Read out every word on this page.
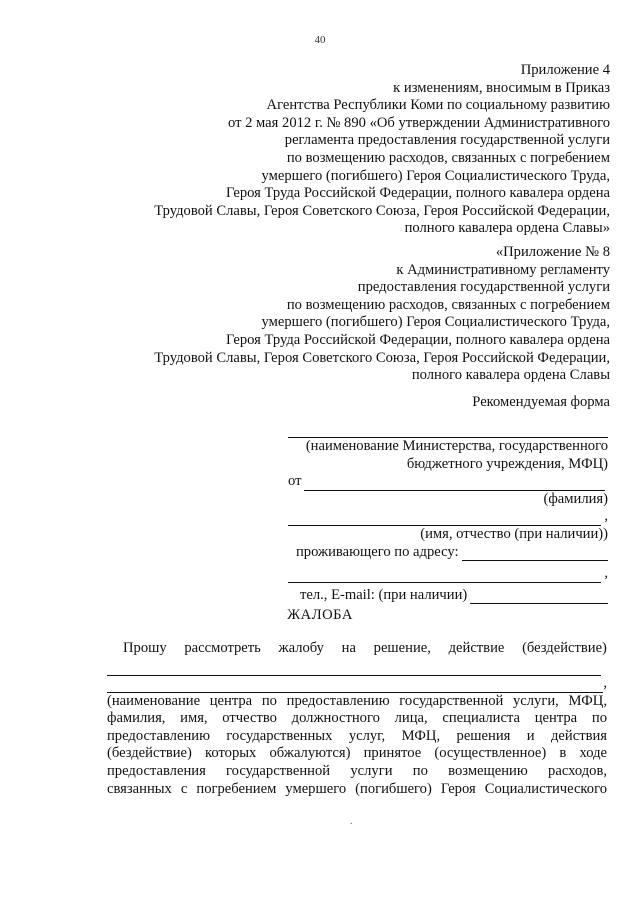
40
Приложение 4
к изменениям, вносимым в Приказ
Агентства Республики Коми по социальному развитию
от 2 мая 2012 г. № 890 «Об утверждении Административного
регламента предоставления государственной услуги
по возмещению расходов, связанных с погребением
умершего (погибшего) Героя Социалистического Труда,
Героя Труда Российской Федерации, полного кавалера ордена
Трудовой Славы, Героя Советского Союза, Героя Российской Федерации,
полного кавалера ордена Славы»
«Приложение № 8
к Административному регламенту
предоставления государственной услуги
по возмещению расходов, связанных с погребением
умершего (погибшего) Героя Социалистического Труда,
Героя Труда Российской Федерации, полного кавалера ордена
Трудовой Славы, Героя Советского Союза, Героя Российской Федерации,
полного кавалера ордена Славы
Рекомендуемая форма
(наименование Министерства, государственного
бюджетного учреждения, МФЦ)
от
(фамилия)
,
(имя, отчество (при наличии))
проживающего по адресу:
,
тел., E-mail: (при наличии)
ЖАЛОБА
Прошу рассмотреть жалобу на решение, действие (бездействие)
,
(наименование центра по предоставлению государственной услуги, МФЦ,
фамилия, имя, отчество должностного лица, специалиста центра по
предоставлению государственных услуг, МФЦ, решения и действия
(бездействие) которых обжалуются) принятое (осуществленное) в ходе
предоставления государственной услуги по возмещению расходов,
связанных с погребением умершего (погибшего) Героя Социалистического
.
